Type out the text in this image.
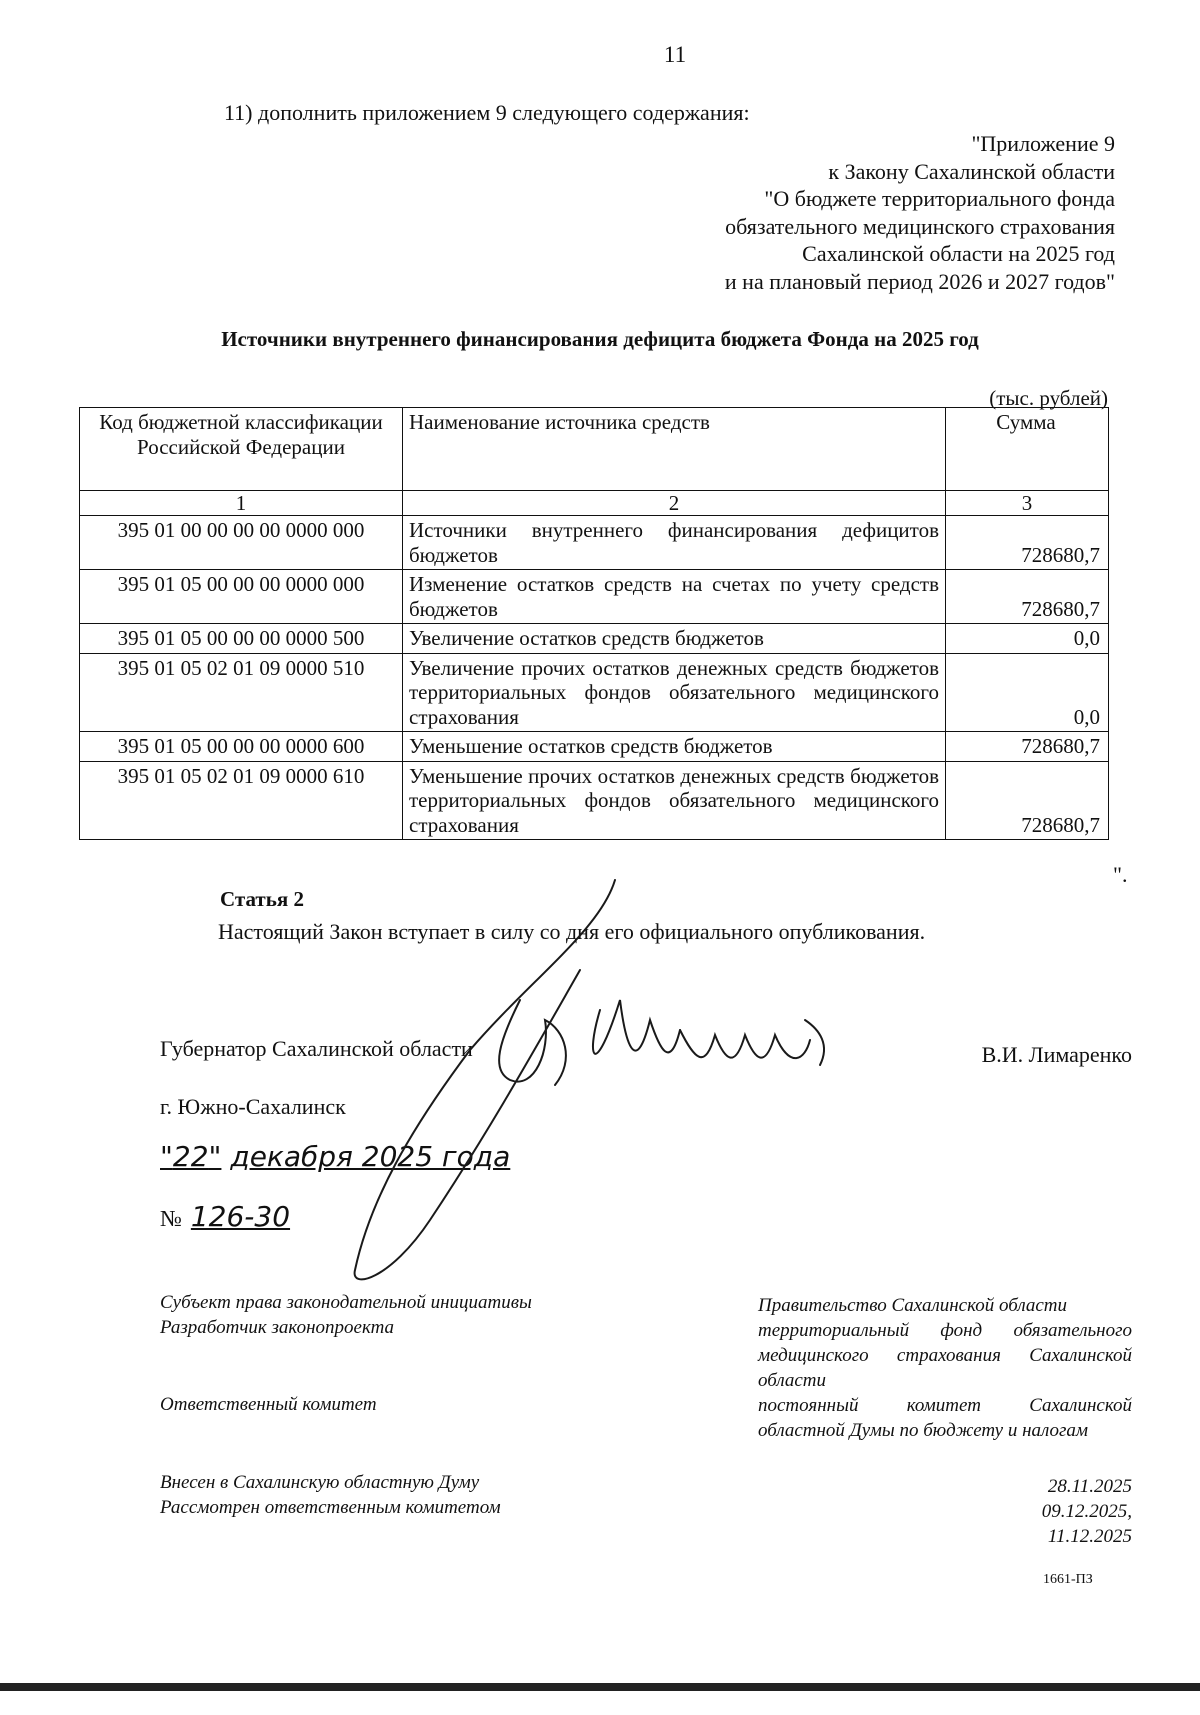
11
11) дополнить приложением 9 следующего содержания:
"Приложение 9
к Закону Сахалинской области
"О бюджете территориального фонда
обязательного медицинского страхования
Сахалинской области на 2025 год
и на плановый период 2026 и 2027 годов"
Источники внутреннего финансирования дефицита бюджета Фонда на 2025 год
(тыс. рублей)
Код бюджетной классификации Российской Федерации	Наименование источника средств	Сумма
1	2	3
395 01 00 00 00 00 0000 000	Источники внутреннего финансирования дефицитов бюджетов	728680,7
395 01 05 00 00 00 0000 000	Изменение остатков средств на счетах по учету средств бюджетов	728680,7
395 01 05 00 00 00 0000 500	Увеличение остатков средств бюджетов	0,0
395 01 05 02 01 09 0000 510	Увеличение прочих остатков денежных средств бюджетов территориальных фондов обязательного медицинского страхования	0,0
395 01 05 00 00 00 0000 600	Уменьшение остатков средств бюджетов	728680,7
395 01 05 02 01 09 0000 610	Уменьшение прочих остатков денежных средств бюджетов территориальных фондов обязательного медицинского страхования	728680,7
".
Статья 2
Настоящий Закон вступает в силу со дня его официального опубликования.
Губернатор Сахалинской области	В.И. Лимаренко
г. Южно-Сахалинск
"22" декабря 2025 года
№ 126-30
Субъект права законодательной инициативы
Разработчик законопроекта
Ответственный комитет
Внесен в Сахалинскую областную Думу
Рассмотрен ответственным комитетом
Правительство Сахалинской области
территориальный фонд обязательного медицинского страхования Сахалинской области
постоянный комитет Сахалинской областной Думы по бюджету и налогам
28.11.2025
09.12.2025,
11.12.2025
1661-ПЗ
